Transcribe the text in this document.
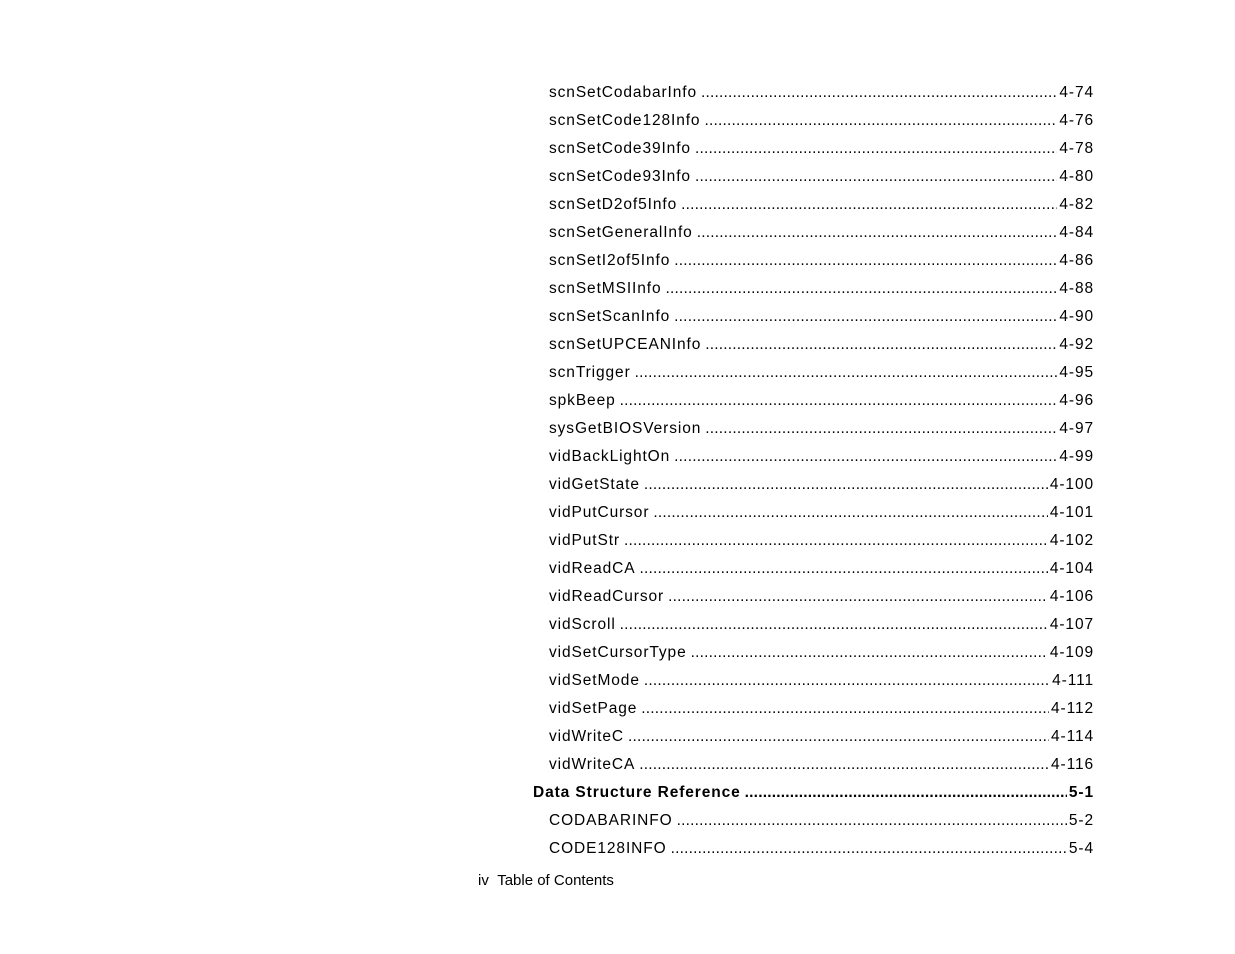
scnSetCodabarInfo .....	4-74
scnSetCode128Info .....	4-76
scnSetCode39Info .....	4-78
scnSetCode93Info .....	4-80
scnSetD2of5Info .....	4-82
scnSetGeneralInfo .....	4-84
scnSetI2of5Info .....	4-86
scnSetMSIInfo .....	4-88
scnSetScanInfo .....	4-90
scnSetUPCEANInfo .....	4-92
scnTrigger .....	4-95
spkBeep .....	4-96
sysGetBIOSVersion .....	4-97
vidBackLightOn .....	4-99
vidGetState .....	4-100
vidPutCursor .....	4-101
vidPutStr .....	4-102
vidReadCA .....	4-104
vidReadCursor .....	4-106
vidScroll .....	4-107
vidSetCursorType .....	4-109
vidSetMode .....	4-111
vidSetPage .....	4-112
vidWriteC .....	4-114
vidWriteCA .....	4-116
Data Structure Reference .....	5-1
CODABARINFO .....	5-2
CODE128INFO .....	5-4
iv Table of Contents
